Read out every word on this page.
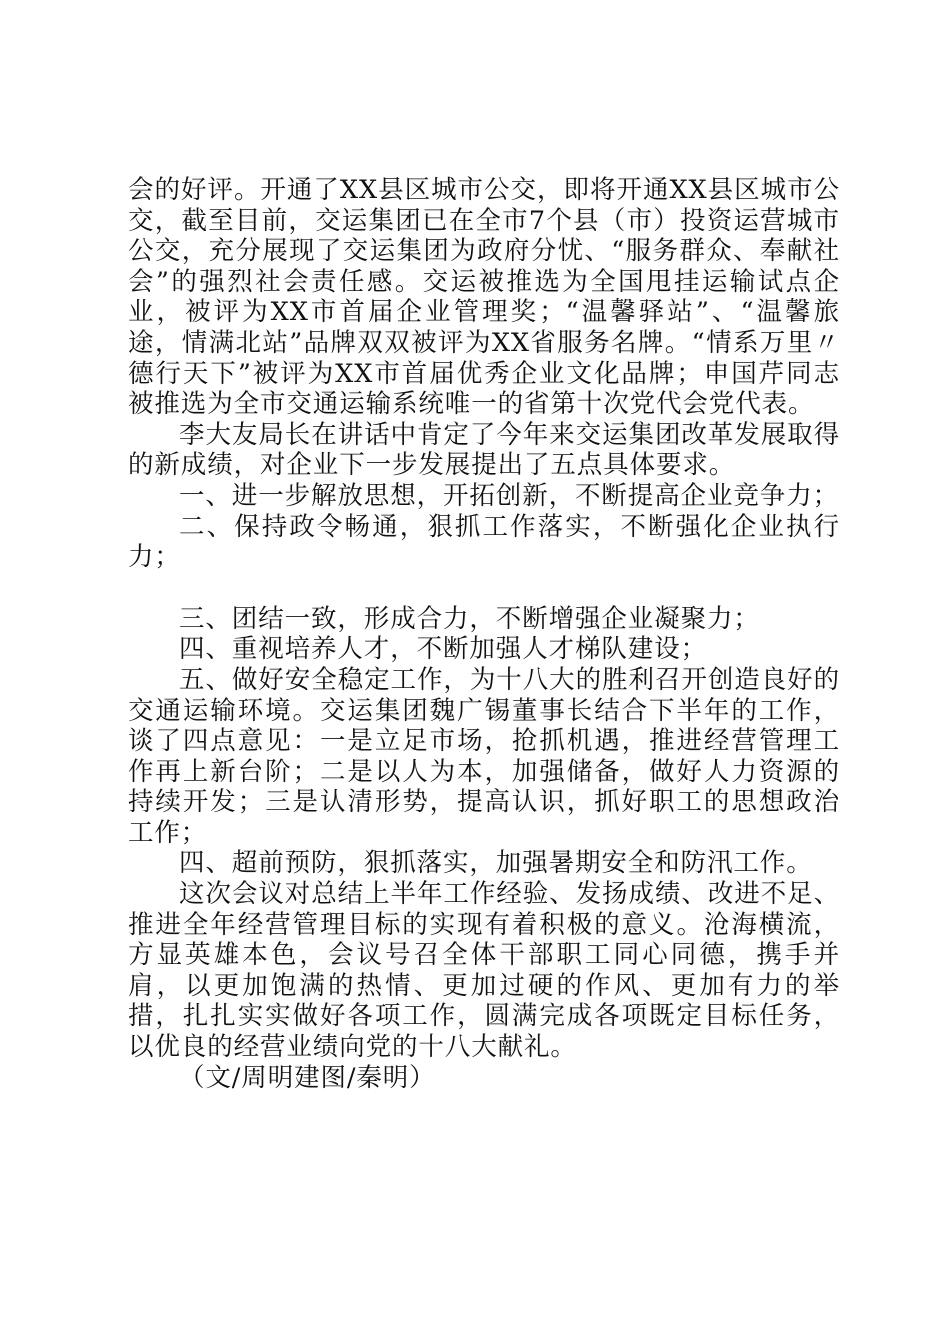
会的好评。开通了XX县区城市公交，即将开通XX县区城市公交，截至目前，交运集团已在全市7个县（市）投资运营城市公交，充分展现了交运集团为政府分忧、“服务群众、奉献社会”的强烈社会责任感。交运被推选为全国甩挂运输试点企业，被评为XX市首届企业管理奖；“温馨驿站”、“温馨旅途，情满北站”品牌双双被评为XX省服务名牌。“情系万里〃德行天下”被评为XX市首届优秀企业文化品牌；申国芹同志被推选为全市交通运输系统唯一的省第十次党代会党代表。

李大友局长在讲话中肯定了今年来交运集团改革发展取得的新成绩，对企业下一步发展提出了五点具体要求。

一、进一步解放思想，开拓创新，不断提高企业竞争力；

二、保持政令畅通，狠抓工作落实，不断强化企业执行力；

三、团结一致，形成合力，不断增强企业凝聚力；

四、重视培养人才，不断加强人才梯队建设；

五、做好安全稳定工作，为十八大的胜利召开创造良好的交通运输环境。交运集团魏广锡董事长结合下半年的工作，谈了四点意见：一是立足市场，抢抓机遇，推进经营管理工作再上新台阶；二是以人为本，加强储备，做好人力资源的持续开发；三是认清形势，提高认识，抓好职工的思想政治工作；

四、超前预防，狠抓落实，加强暑期安全和防汛工作。

这次会议对总结上半年工作经验、发扬成绩、改进不足、推进全年经营管理目标的实现有着积极的意义。沧海横流，方显英雄本色，会议号召全体干部职工同心同德，携手并肩，以更加饱满的热情、更加过硬的作风、更加有力的举措，扎扎实实做好各项工作，圆满完成各项既定目标任务，以优良的经营业绩向党的十八大献礼。

（文/周明建图/秦明）
